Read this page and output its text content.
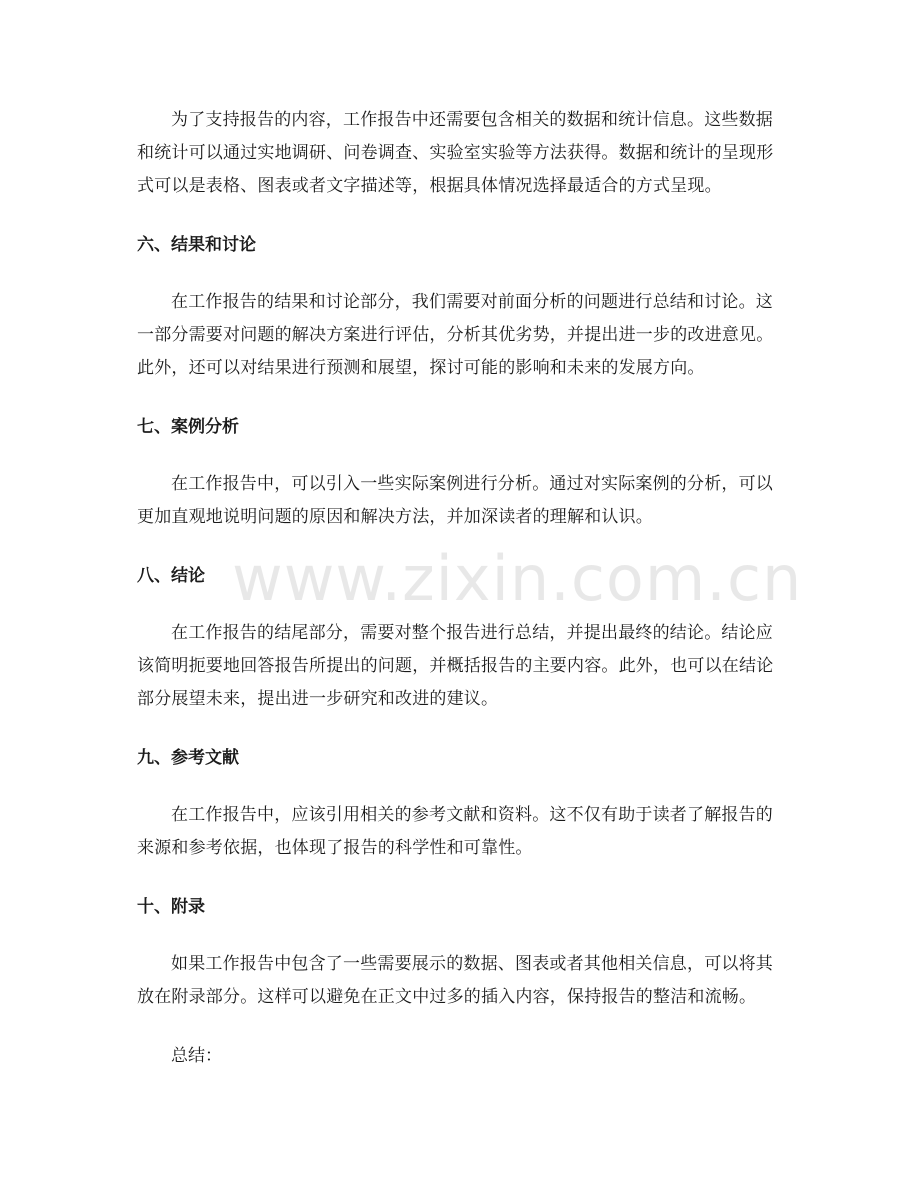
为了支持报告的内容，工作报告中还需要包含相关的数据和统计信息。这些数据和统计可以通过实地调研、问卷调查、实验室实验等方法获得。数据和统计的呈现形式可以是表格、图表或者文字描述等，根据具体情况选择最适合的方式呈现。

六、结果和讨论

在工作报告的结果和讨论部分，我们需要对前面分析的问题进行总结和讨论。这一部分需要对问题的解决方案进行评估，分析其优劣势，并提出进一步的改进意见。此外，还可以对结果进行预测和展望，探讨可能的影响和未来的发展方向。

七、案例分析

在工作报告中，可以引入一些实际案例进行分析。通过对实际案例的分析，可以更加直观地说明问题的原因和解决方法，并加深读者的理解和认识。

八、结论

在工作报告的结尾部分，需要对整个报告进行总结，并提出最终的结论。结论应该简明扼要地回答报告所提出的问题，并概括报告的主要内容。此外，也可以在结论部分展望未来，提出进一步研究和改进的建议。

九、参考文献

在工作报告中，应该引用相关的参考文献和资料。这不仅有助于读者了解报告的来源和参考依据，也体现了报告的科学性和可靠性。

十、附录

如果工作报告中包含了一些需要展示的数据、图表或者其他相关信息，可以将其放在附录部分。这样可以避免在正文中过多的插入内容，保持报告的整洁和流畅。

总结：

www.zixin.com.cn
